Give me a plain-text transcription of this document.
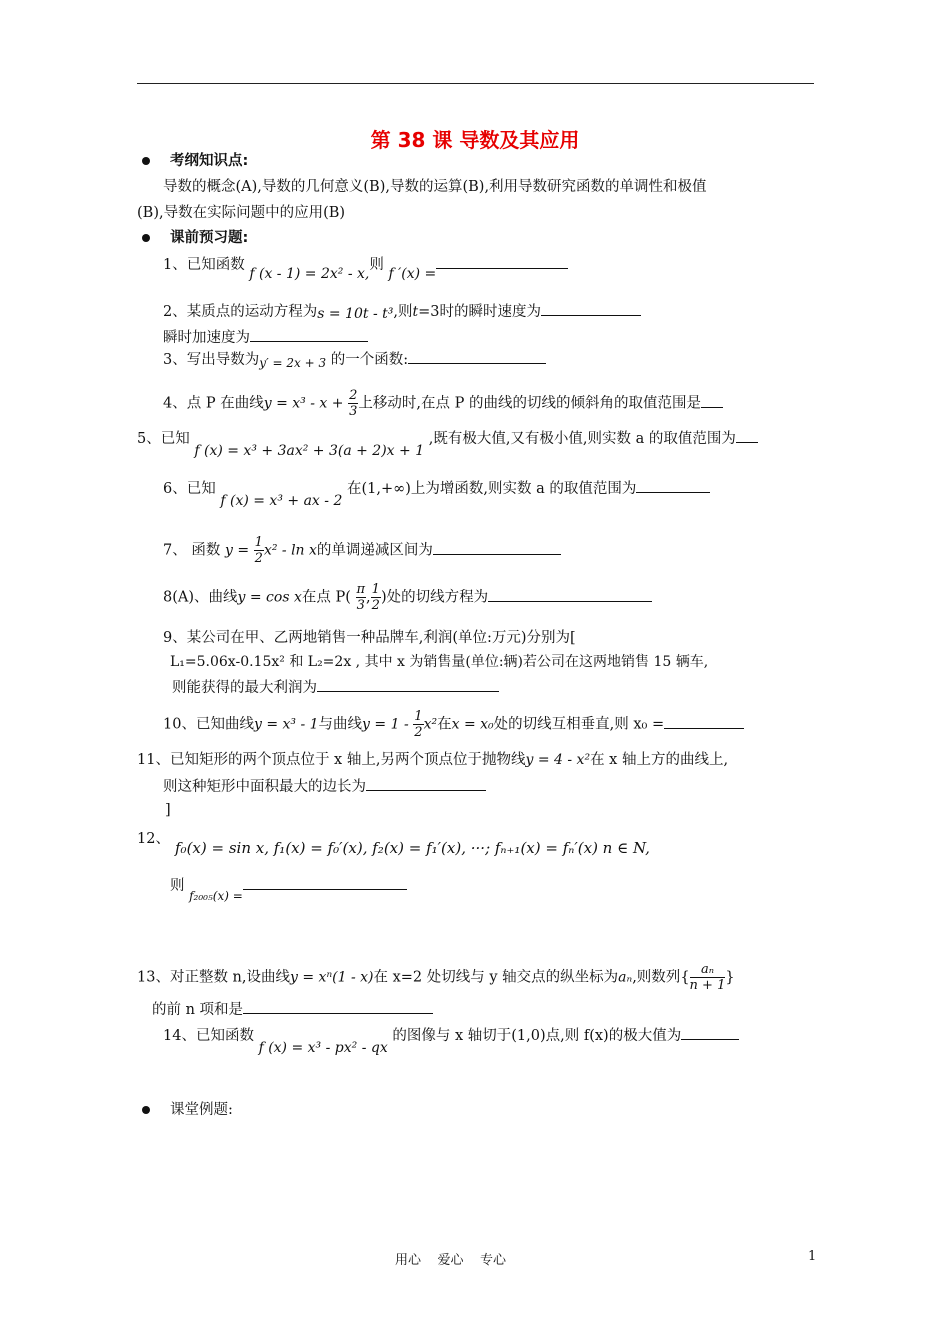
第 38 课 导数及其应用
考纲知识点:
导数的概念(A),导数的几何意义(B),导数的运算(B),利用导数研究函数的单调性和极值
(B),导数在实际问题中的应用(B)
课前预习题:
1、已知函数 f (x - 1) = 2x² - x,则 f ′(x) =
2、某质点的运动方程为s = 10t - t³,则t=3时的瞬时速度为
瞬时加速度为
3、写出导数为$_{y' = 2x + 3}$ 的一个函数:
4、点 P 在曲线$y = x^3 - x + \frac{2}{3}$ 上移动时,在点 P 的曲线的切线的倾斜角的取值范围是
5、已知 f (x) = x³ + 3ax² + 3(a + 2)x + 1 ,既有极大值,又有极小值,则实数 a 的取值范围为
6、已知 f (x) = x³ + ax - 2 在(1,+∞)上为增函数,则实数 a 的取值范围为
7、 函数 $y = \frac{1}{2} x^2 - \ln x$的单调递减区间为
8(A)、曲线y = cos x在点 $P( \frac{\pi}{3}$ , $\frac{1}{2}$ )处的切线方程为
9、某公司在甲、乙两地销售一种品牌车,利润(单位:万元)分别为[
L₁=5.06x-0.15x² 和 L₂=2x , 其中 x 为销售量(单位:辆)若公司在这两地销售 15 辆车,
则能获得的最大利润为
10、已知曲线y = x³ - 1与曲线$y = 1 - \frac{1}{2} x^2$在x = x₀处的切线互相垂直,则 x₀ =
11、已知矩形的两个顶点位于 x 轴上,另两个顶点位于抛物线y = 4 - x²在 x 轴上方的曲线上,
则这种矩形中面积最大的边长为
]
12、 f₀(x) = sin x, f₁(x) = f₀′(x), f₂(x) = f₁′(x), ···; fₙ₊₁(x) = fₙ′(x) n ∈ N,
则 $_{f_{2005}(x) =}$
13、对正整数 n,设曲线y = xⁿ(1 - x)在 x=2 处切线与 y 轴交点的纵坐标为aₙ,则数列{ $\frac{\text{aₙ}}{n + 1}$ }
的前 n 项和是
14、已知函数 f (x) = x³ - px² - qx 的图像与 x 轴切于(1,0)点,则 f(x)的极大值为
课堂例题:
用心    爱心    专心	1
